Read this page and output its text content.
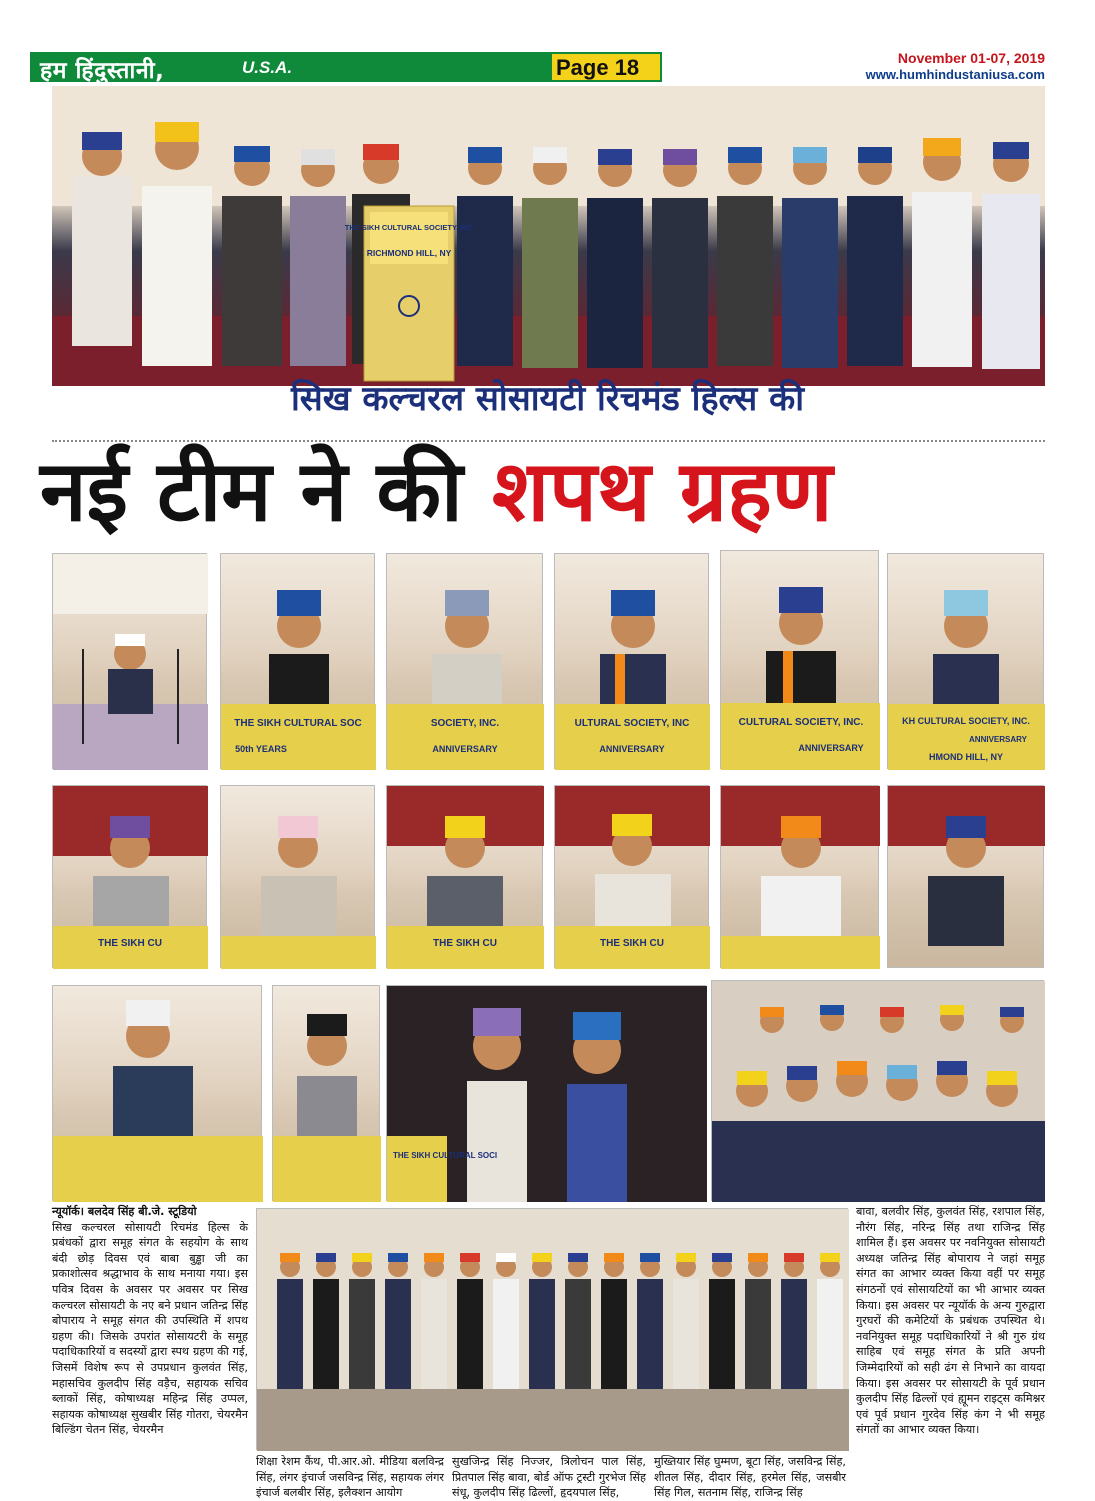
हम हिंदुस्तानी,	U.S.A.	Page 18	November 01-07, 2019
www.humhindustaniusa.com
THE SIKH CULTURAL SOCIETY, INC
RICHMOND HILL, NY
सिख कल्चरल सोसायटी रिचमंड हिल्स की
नई टीम ने की शपथ ग्रहण
THE SIKH CULTURAL SOC
50th YEARS
SOCIETY, INC.
ANNIVERSARY
ULTURAL SOCIETY, INC
ANNIVERSARY
CULTURAL SOCIETY, INC.
ANNIVERSARY
KH CULTURAL SOCIETY, INC.
ANNIVERSARY
HMOND HILL, NY
THE SIKH CU	THE SIKH CU	THE SIKH CU
THE SIKH CULTURAL SOCI
न्यूयॉर्क। बलदेव सिंह बी.जे. स्टूडियो
सिख कल्चरल सोसायटी रिचमंड हिल्स के प्रबंधकों द्वारा समूह संगत के सहयोग के साथ बंदी छोड़ दिवस एवं बाबा बुड्ढा जी का प्रकाशोत्सव श्रद्धाभाव के साथ मनाया गया। इस पवित्र दिवस के अवसर पर अवसर पर सिख कल्चरल सोसायटी के नए बने प्रधान जतिन्द्र सिंह बोपाराय ने समूह संगत की उपस्थिति में शपथ ग्रहण की। जिसके उपरांत सोसायटरी के समूह पदाधिकारियों व सदस्यों द्वारा स्पथ ग्रहण की गई, जिसमें विशेष रूप से उपप्रधान कुलवंत सिंह, महासचिव कुलदीप सिंह वड़ैच, सहायक सचिव ब्लाकों सिंह, कोषाध्यक्ष महिन्द्र सिंह उप्पल, सहायक कोषाध्यक्ष सुखबीर सिंह गोतरा, चेयरमैन बिल्डिंग चेतन सिंह, चेयरमैन
शिक्षा रेशम कैंथ, पी.आर.ओ. मीडिया बलविन्द्र सिंह, लंगर इंचार्ज जसविन्द्र सिंह, सहायक लंगर इंचार्ज बलबीर सिंह, इलैक्शन आयोग
सुखजिन्द्र सिंह निज्जर, त्रिलोचन पाल सिंह, प्रितपाल सिंह बावा, बोर्ड ऑफ ट्रस्टी गुरभेज सिंह संधू, कुलदीप सिंह ढिल्लों, हृदयपाल सिंह,
मुख्तियार सिंह घुम्मण, बूटा सिंह, जसविन्द्र सिंह, शीतल सिंह, दीदार सिंह, हरमेल सिंह, जसबीर सिंह गिल, सतनाम सिंह, राजिन्द्र सिंह
बावा, बलवीर सिंह, कुलवंत सिंह, रशपाल सिंह, नौरंग सिंह, नरिन्द्र सिंह तथा राजिन्द्र सिंह शामिल हैं। इस अवसर पर नवनियुक्त सोसायटी अध्यक्ष जतिन्द्र सिंह बोपाराय ने जहां समूह संगत का आभार व्यक्त किया वहीं पर समूह संगठनों एवं सोसायटियों का भी आभार व्यक्त किया। इस अवसर पर न्यूयॉर्क के अन्य गुरुद्वारा गुरघरों की कमेटियों के प्रबंधक उपस्थित थे। नवनियुक्त समूह पदाधिकारियों ने श्री गुरु ग्रंथ साहिब एवं समूह संगत के प्रति अपनी जिम्मेदारियों को सही ढंग से निभाने का वायदा किया। इस अवसर पर सोसायटी के पूर्व प्रधान कुलदीप सिंह ढिल्लों एवं ह्यूमन राइट्स कमिश्नर एवं पूर्व प्रधान गुरदेव सिंह कंग ने भी समूह संगतों का आभार व्यक्त किया।
